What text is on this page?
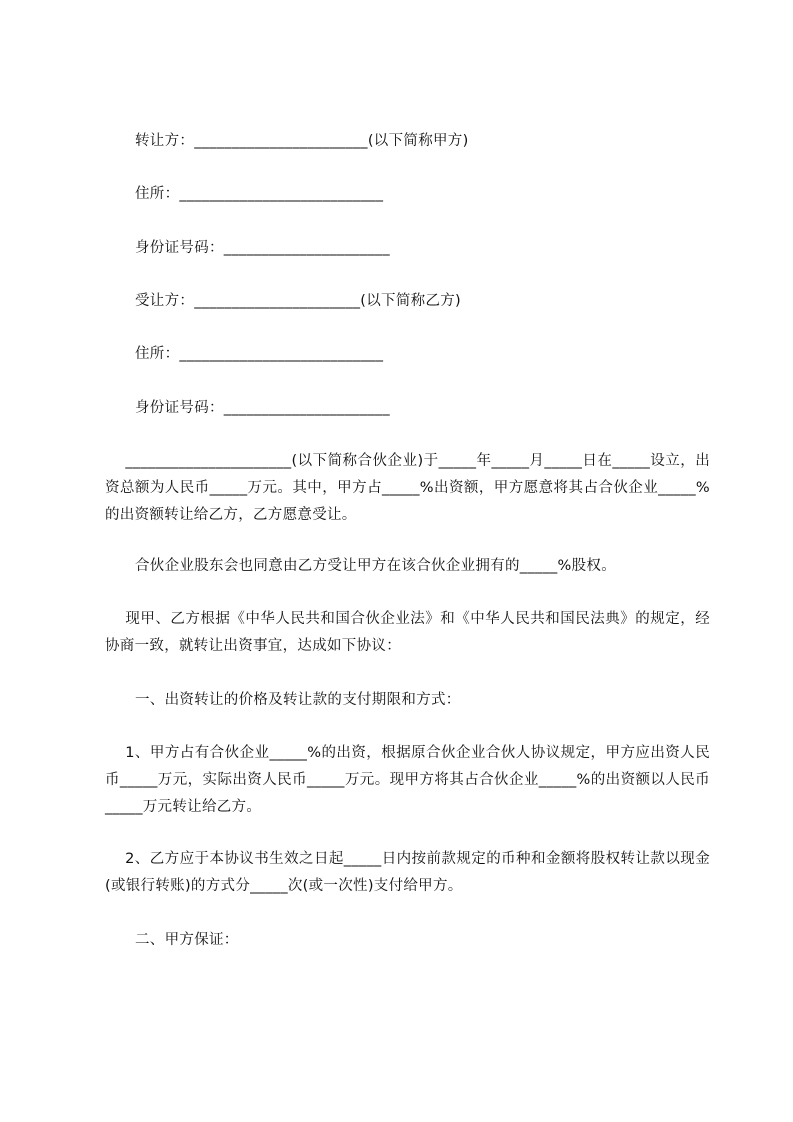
转让方：_______________________(以下简称甲方)
住所：___________________________
身份证号码：______________________
受让方：______________________(以下简称乙方)
住所：___________________________
身份证号码：______________________
______________________(以下简称合伙企业)于_____年_____月_____日在_____设立，出资总额为人民币_____万元。其中，甲方占_____%出资额，甲方愿意将其占合伙企业_____%的出资额转让给乙方，乙方愿意受让。
合伙企业股东会也同意由乙方受让甲方在该合伙企业拥有的_____%股权。
现甲、乙方根据《中华人民共和国合伙企业法》和《中华人民共和国民法典》的规定，经协商一致，就转让出资事宜，达成如下协议：
一、出资转让的价格及转让款的支付期限和方式：
1、甲方占有合伙企业_____%的出资，根据原合伙企业合伙人协议规定，甲方应出资人民币_____万元，实际出资人民币_____万元。现甲方将其占合伙企业_____%的出资额以人民币_____万元转让给乙方。
2、乙方应于本协议书生效之日起_____日内按前款规定的币种和金额将股权转让款以现金(或银行转账)的方式分_____次(或一次性)支付给甲方。
二、甲方保证：
